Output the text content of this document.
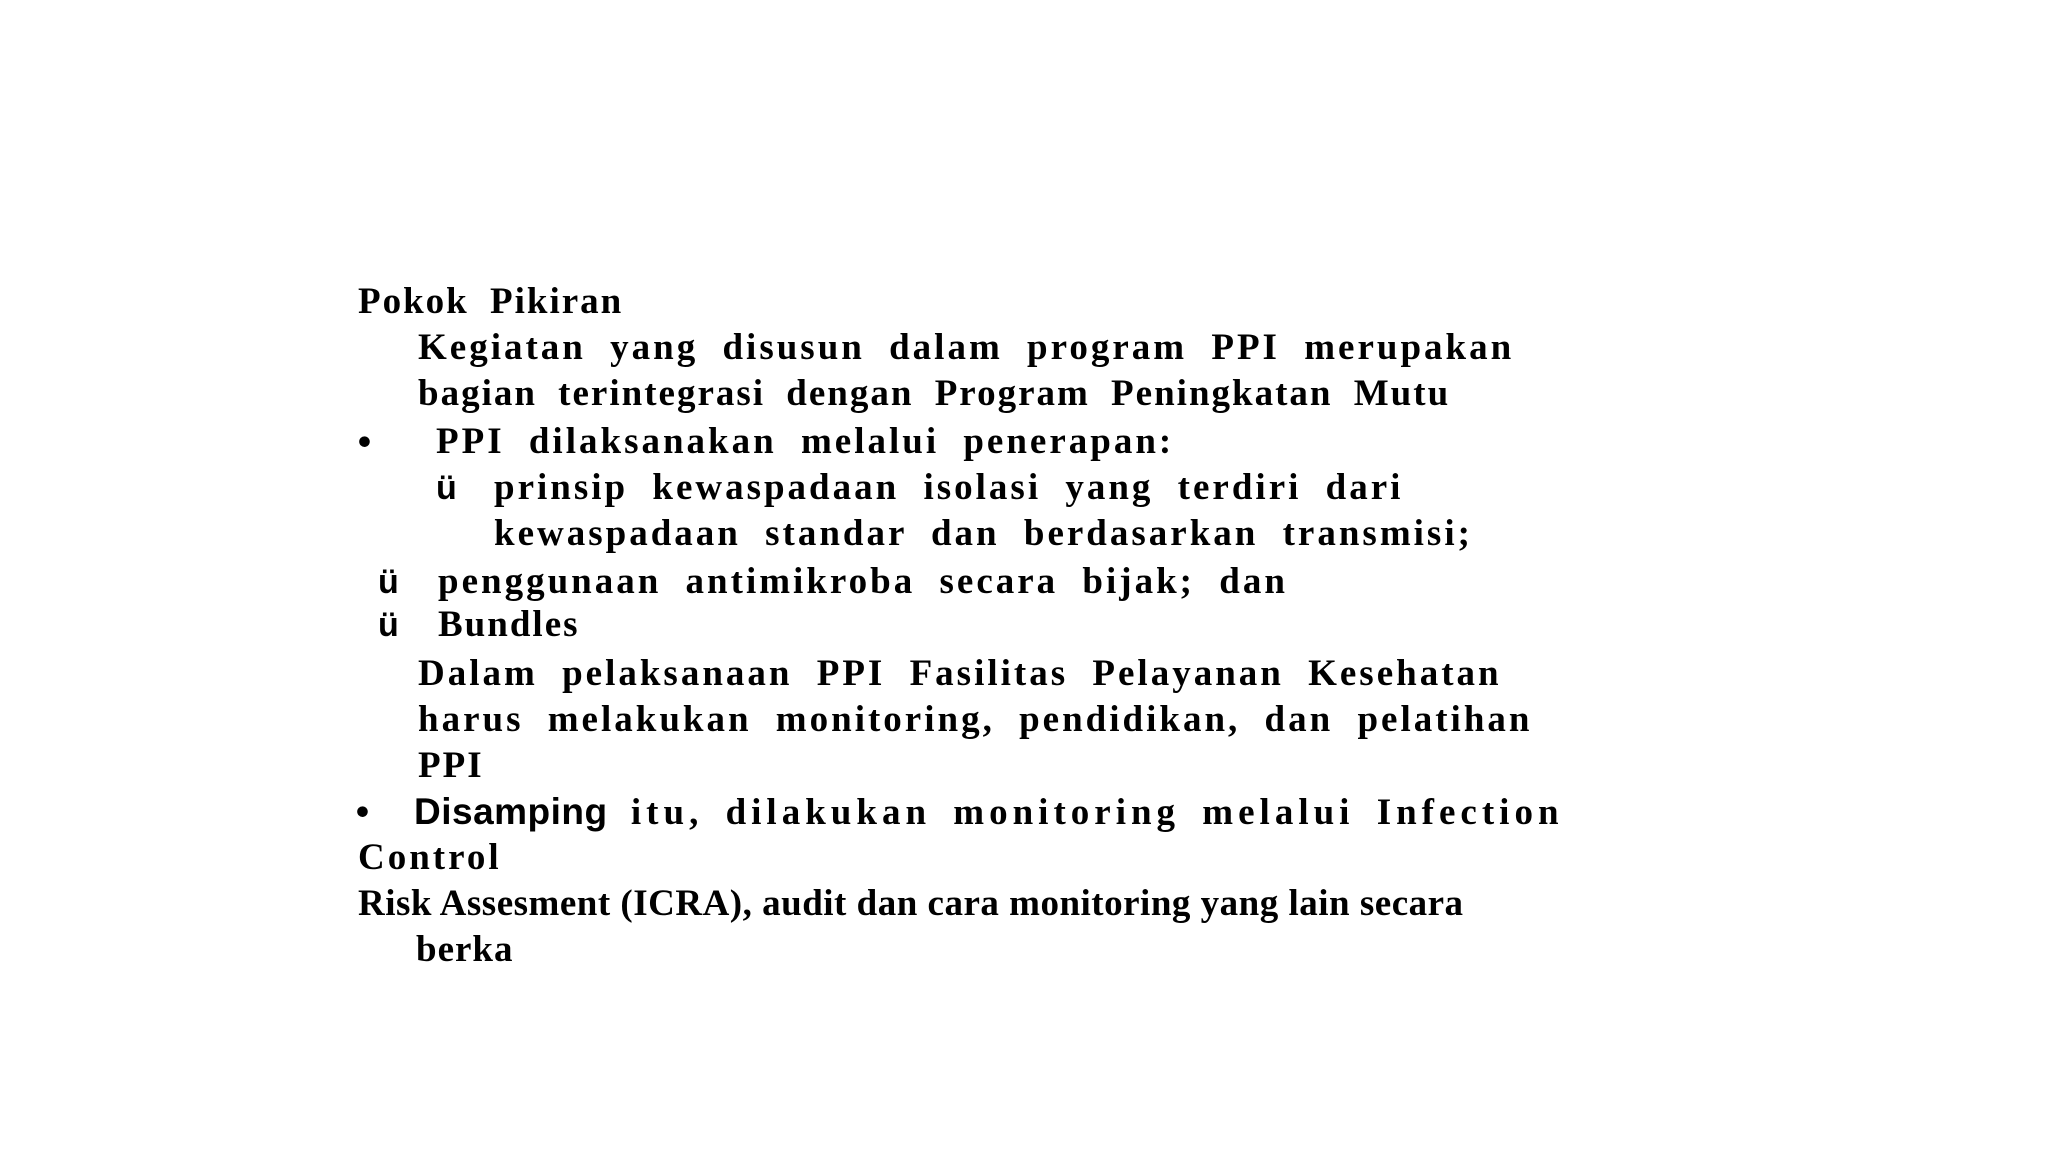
Pokok Pikiran
Kegiatan yang disusun dalam program PPI merupakan
bagian terintegrasi dengan Program Peningkatan Mutu
• PPI dilaksanakan melalui penerapan:
ü prinsip kewaspadaan isolasi yang terdiri dari
kewaspadaan standar dan berdasarkan transmisi;
ü penggunaan antimikroba secara bijak; dan
ü Bundles
Dalam pelaksanaan PPI Fasilitas Pelayanan Kesehatan
harus melakukan monitoring, pendidikan, dan pelatihan
PPI
• Disamping itu, dilakukan monitoring melalui Infection
Control
Risk Assesment (ICRA), audit dan cara monitoring yang lain secara
berka
